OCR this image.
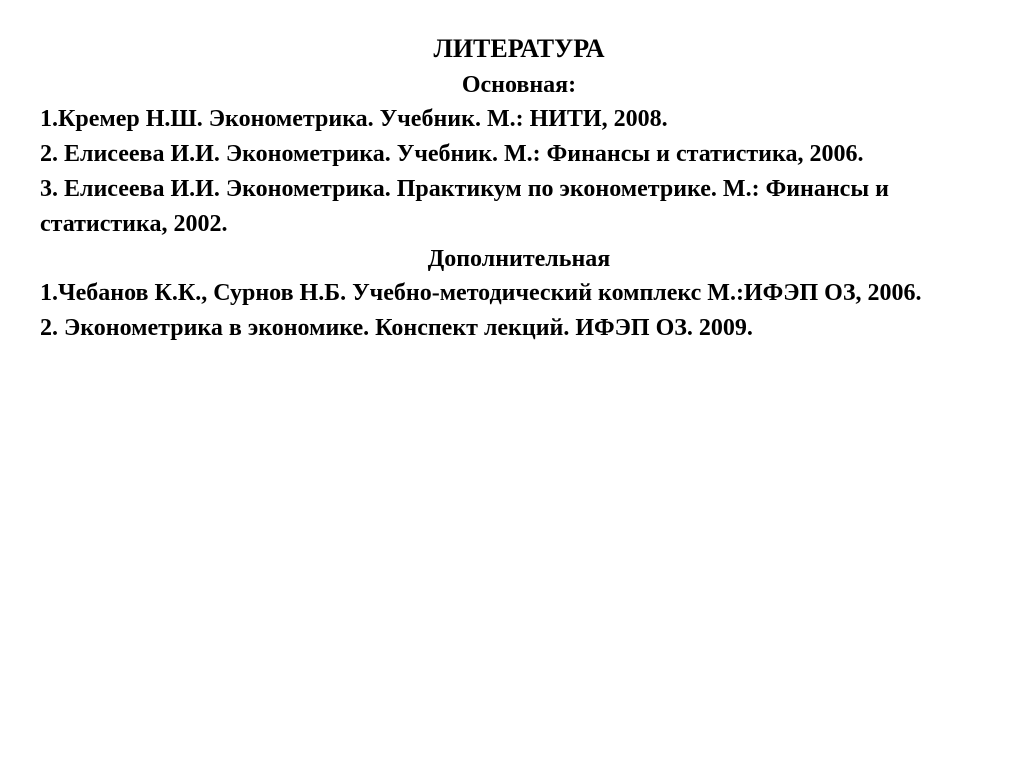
ЛИТЕРАТУРА
Основная:
1.Кремер Н.Ш. Эконометрика. Учебник. М.: НИТИ, 2008.
2. Елисеева И.И. Эконометрика. Учебник. М.: Финансы и статистика, 2006.
3. Елисеева И.И. Эконометрика. Практикум по эконометрике. М.: Финансы и статистика, 2002.
Дополнительная
1.Чебанов К.К., Сурнов Н.Б. Учебно-методический комплекс М.:ИФЭП ОЗ, 2006.
2. Эконометрика в экономике. Конспект лекций. ИФЭП ОЗ. 2009.
